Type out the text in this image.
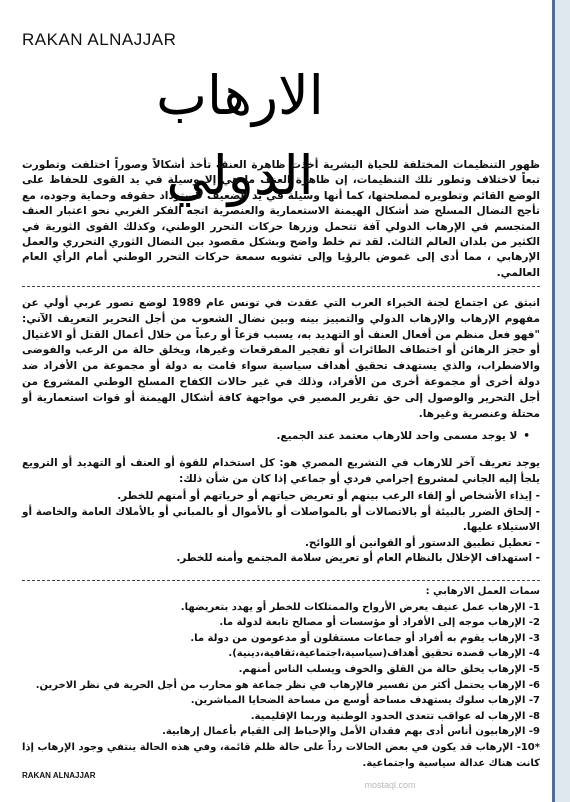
RAKAN ALNAJJAR
الارهاب الدولي
ظهور التنظيمات المختلفة للحياة البشرية أخذت ظاهرة العنف تأخذ أشكالاً وصوراً اختلفت وتطورت تبعاً لاختلاف وتطور تلك التنظيمات، إن ظاهرة العنف ما هي إلا وسيلة في يد القوى للحفاظ على الوضع القائم وتطويره لمصلحتها، كما أنها وسيلة في يد الضعيف لاسترداد حقوقه وحماية وجوده، مع تأجج النضال المسلح ضد أشكال الهيمنة الاستعمارية والعنصرية اتجه الفكر الغربي نحو اعتبار العنف المتجسم في الإرهاب الدولي آفة تتحمل وزرها حركات التحرر الوطني، وكذلك القوى الثورية في الكثير من بلدان العالم الثالث. لقد تم خلط واضح وبشكل مقصود بين النضال الثوري التحرري والعمل الإرهابي ، مما أدى إلى غموض بالرؤيا وإلى تشويه سمعة حركات التحرر الوطني أمام الرأي العام العالمي.
انبثق عن اجتماع لجنة الخبراء العرب التي عقدت في تونس عام 1989 لوضع تصور عربي أولي عن مفهوم الإرهاب والإرهاب الدولي والتمييز بينه وبين نضال الشعوب من أجل التحرير التعريف الآتي: "فهو فعل منظم من أفعال العنف أو التهديد به، يسبب فزعاً أو رعباً من خلال أعمال القتل أو الاغتيال أو حجز الرهائن أو اختطاف الطائرات أو تفجير المفرقعات وغيرها، ويخلق حالة من الرعب والفوضى والاضطراب، والذي يستهدف تحقيق أهداف سياسية سواء قامت به دولة أو مجموعة من الأفراد ضد دولة أخرى أو مجموعة أخرى من الأفراد، وذلك في غير حالات الكفاح المسلح الوطني المشروع من أجل التحرير والوصول إلى حق تقرير المصير في مواجهة كافة أشكال الهيمنة أو قوات استعمارية أو محتلة وعنصرية وغيرها.
• لا يوجد مسمى واحد للارهاب معتمد عند الجميع.

يوجد تعريف آخر للارهاب في التشريع المصري هو: كل استخدام للقوة أو العنف أو التهديد أو الترويع يلجأ إليه الجاني لمشروع إجرامي فردي أو جماعي إذا كان من شأن ذلك:

- إيذاء الأشخاص أو إلقاء الرعب بينهم أو تعريض حياتهم أو حرياتهم أو أمنهم للخطر.
- إلحاق الضرر بالبيئة أو بالاتصالات أو بالمواصلات أو بالأموال أو بالمباني أو بالأملاك العامة والخاصة أو الاستيلاء عليها.
- تعطيل تطبيق الدستور أو القوانين أو اللوائح.
- استهداف الإخلال بالنظام العام أو تعريض سلامة المجتمع وأمنه للخطر.

سمات العمل الارهابي :

1- الإرهاب عمل عنيف يعرض الأرواح والممتلكات للخطر أو يهدد بتعريضها.
2- الإرهاب موجه إلى الأفراد أو مؤسسات أو مصالح تابعة لدولة ما.
3- الإرهاب يقوم به أفراد أو جماعات مستقلون أو مدعومون من دولة ما.
4- الإرهاب قصده تحقيق أهداف(سياسية،اجتماعية،ثقافية،دينية).
5- الإرهاب يخلق حالة من القلق والخوف ويسلب الناس أمنهم.
6- الإرهاب يحتمل أكثر من تفسير فالإرهاب في نظر جماعة هو محارب من أجل الحرية في نظر الاخرين.
7- الإرهاب سلوك يستهدف مساحة أوسع من مساحة الضحايا المباشرين.
8- الإرهاب له عواقب تتعدى الحدود الوطنية وربما الإقليمية.
9- الإرهابيون أناس أدى بهم فقدان الأمل والإحباط إلى القيام بأعمال إرهابية.
*10- الإرهاب قد يكون في بعض الحالات رداً على حالة ظلم قائمة، وفي هذه الحالة ينتفي وجود الإرهاب إذا كانت هناك عدالة سياسية واجتماعية.
RAKAN ALNAJJAR
mostaql.com
